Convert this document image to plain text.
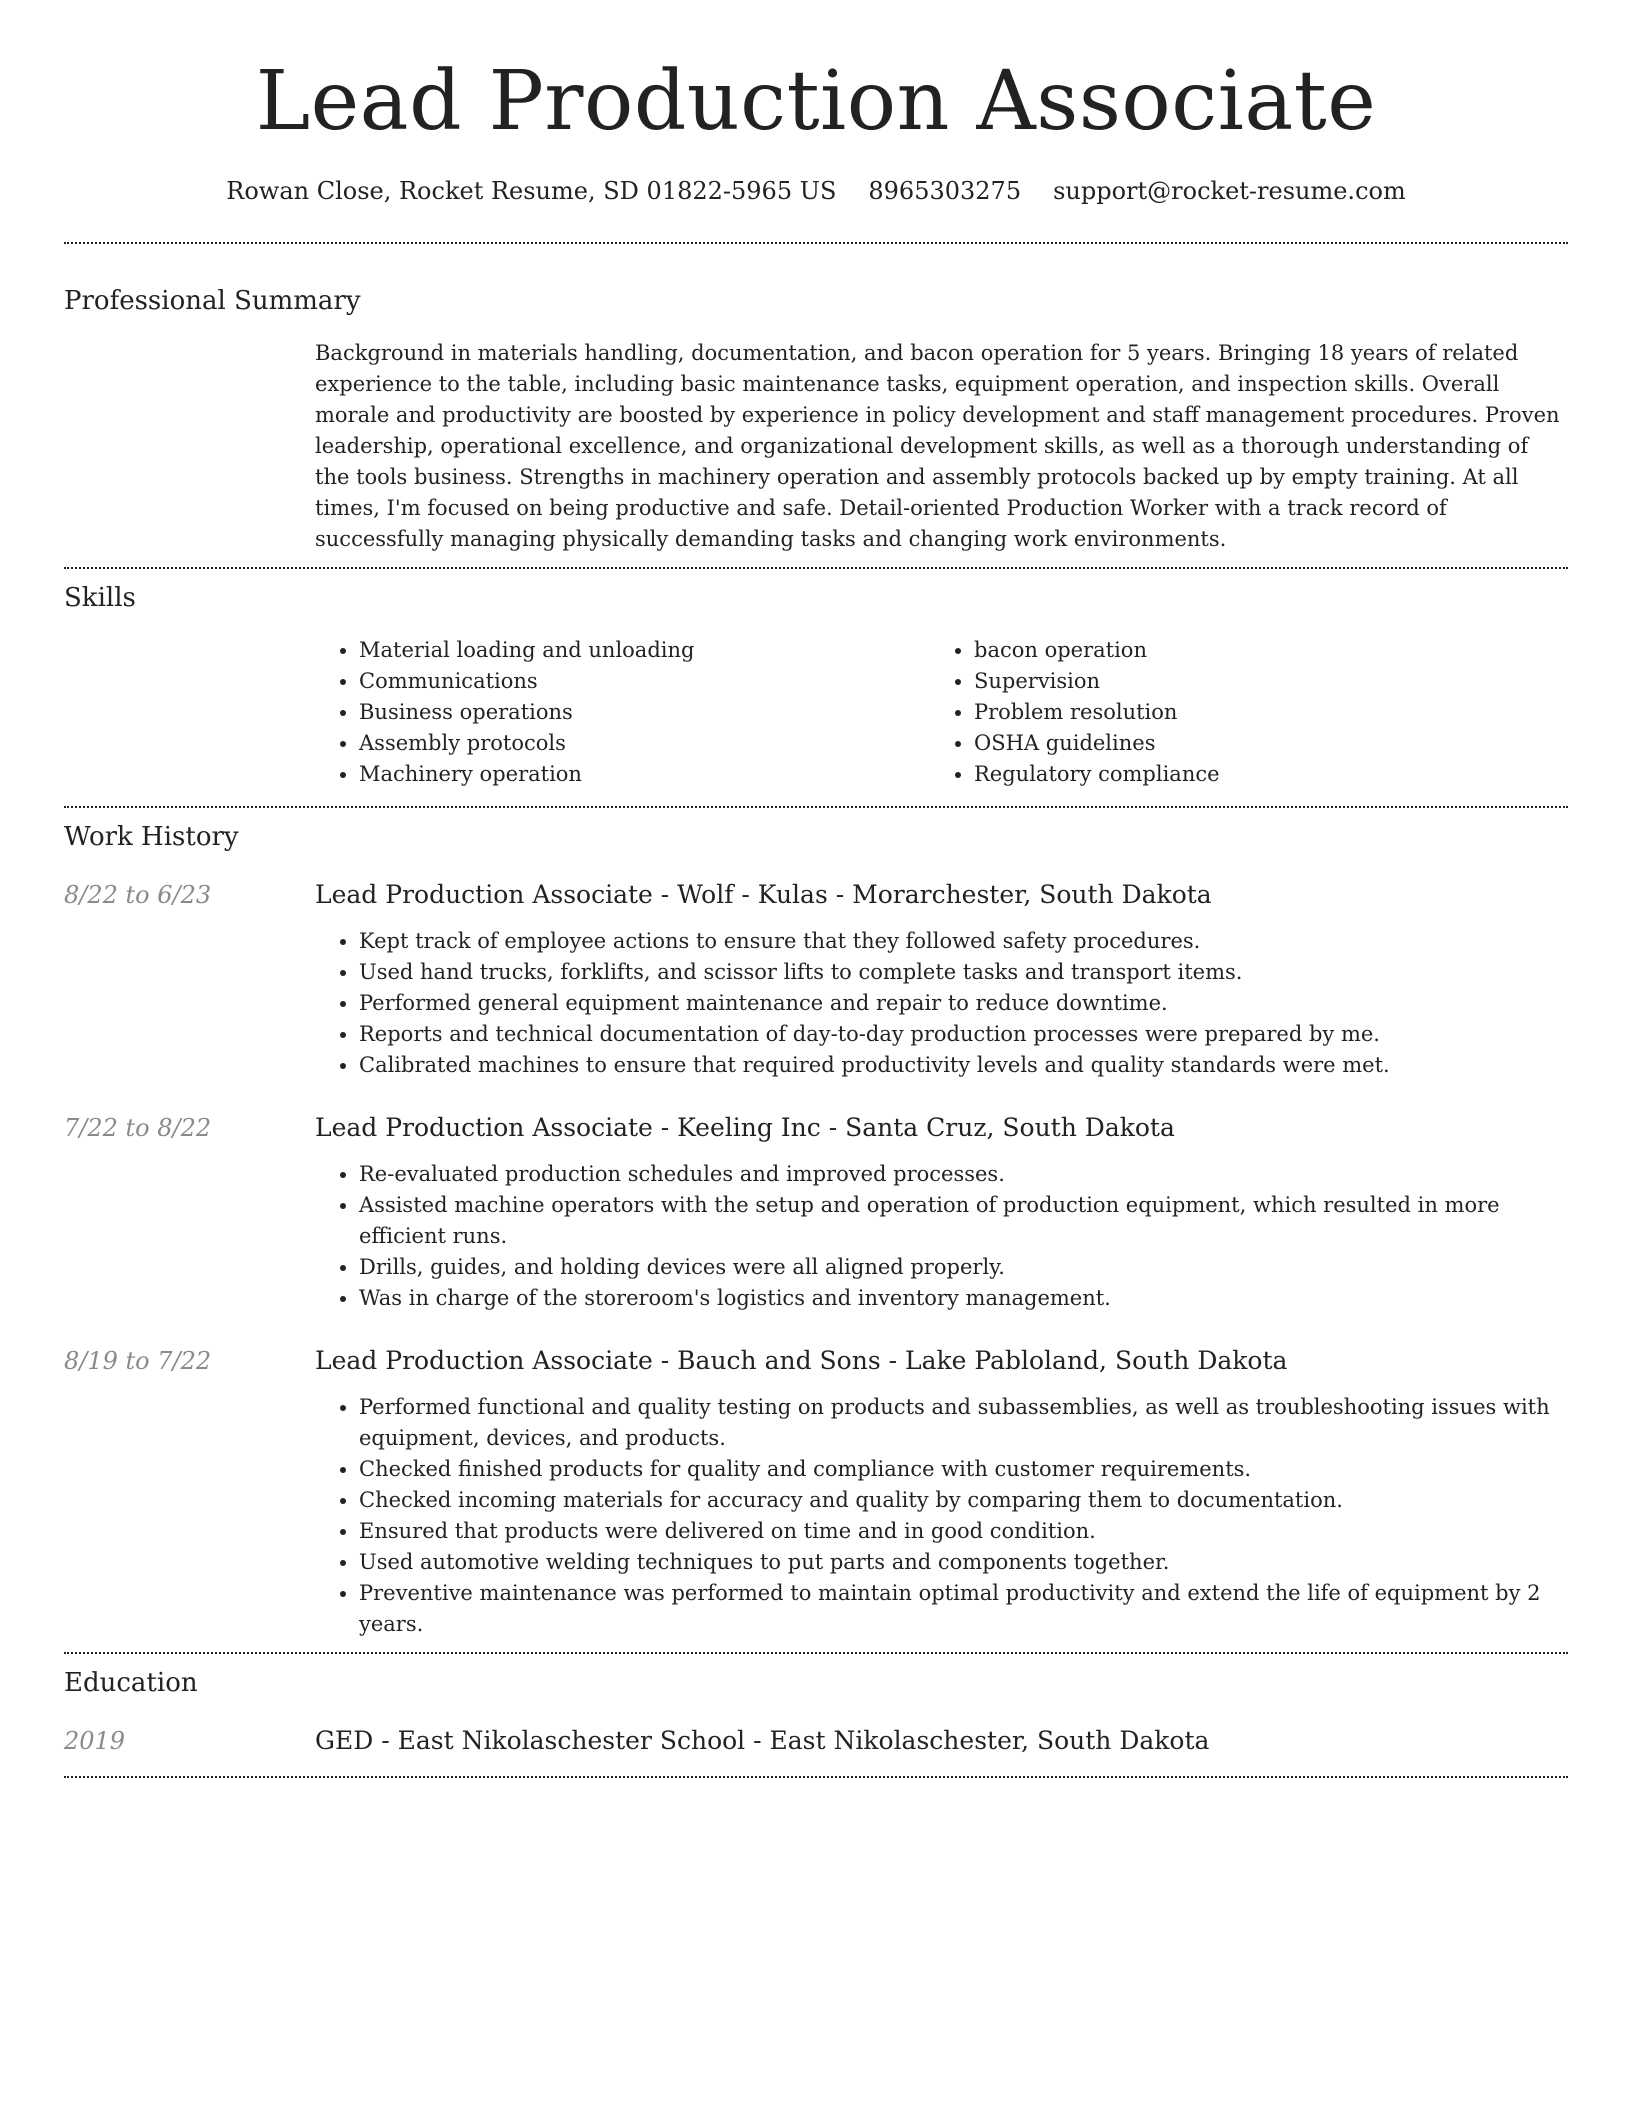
Lead Production Associate
Rowan Close, Rocket Resume, SD 01822-5965 US 8965303275 support@rocket-resume.com
Professional Summary

Background in materials handling, documentation, and bacon operation for 5 years. Bringing 18 years of related experience to the table, including basic maintenance tasks, equipment operation, and inspection skills. Overall morale and productivity are boosted by experience in policy development and staff management procedures. Proven leadership, operational excellence, and organizational development skills, as well as a thorough understanding of the tools business. Strengths in machinery operation and assembly protocols backed up by empty training. At all times, I'm focused on being productive and safe. Detail-oriented Production Worker with a track record of successfully managing physically demanding tasks and changing work environments.

Skills
• Material loading and unloading
• Communications
• Business operations
• Assembly protocols
• Machinery operation
• bacon operation
• Supervision
• Problem resolution
• OSHA guidelines
• Regulatory compliance
Work History
8/22 to 6/23	Lead Production Associate - Wolf - Kulas - Morarchester, South Dakota
• Kept track of employee actions to ensure that they followed safety procedures.
• Used hand trucks, forklifts, and scissor lifts to complete tasks and transport items.
• Performed general equipment maintenance and repair to reduce downtime.
• Reports and technical documentation of day-to-day production processes were prepared by me.
• Calibrated machines to ensure that required productivity levels and quality standards were met.
7/22 to 8/22	Lead Production Associate - Keeling Inc - Santa Cruz, South Dakota
• Re-evaluated production schedules and improved processes.
• Assisted machine operators with the setup and operation of production equipment, which resulted in more efficient runs.
• Drills, guides, and holding devices were all aligned properly.
• Was in charge of the storeroom's logistics and inventory management.
8/19 to 7/22	Lead Production Associate - Bauch and Sons - Lake Pabloland, South Dakota
• Performed functional and quality testing on products and subassemblies, as well as troubleshooting issues with equipment, devices, and products.
• Checked finished products for quality and compliance with customer requirements.
• Checked incoming materials for accuracy and quality by comparing them to documentation.
• Ensured that products were delivered on time and in good condition.
• Used automotive welding techniques to put parts and components together.
• Preventive maintenance was performed to maintain optimal productivity and extend the life of equipment by 2 years.
Education
2019	GED - East Nikolaschester School - East Nikolaschester, South Dakota
